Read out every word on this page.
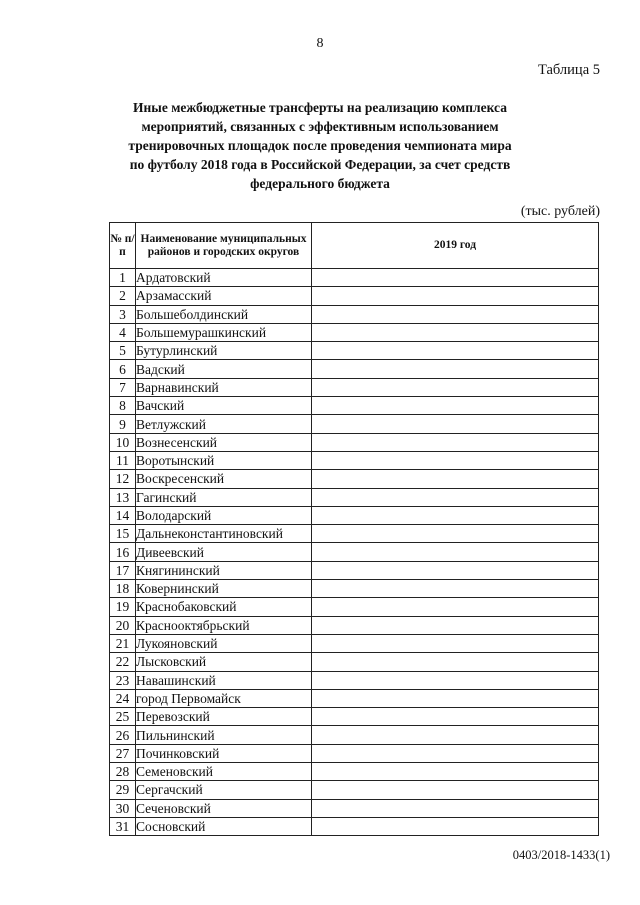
8
Таблица 5
Иные межбюджетные трансферты на реализацию комплекса мероприятий, связанных с эффективным использованием тренировочных площадок после проведения чемпионата мира по футболу 2018 года в Российской Федерации, за счет средств федерального бюджета
(тыс. рублей)
№ п/п	Наименование муниципальных районов и городских округов	2019 год
1	Ардатовский	
2	Арзамасский	
3	Большеболдинский	
4	Большемурашкинский	
5	Бутурлинский	
6	Вадский	
7	Варнавинский	
8	Вачский	
9	Ветлужский	
10	Вознесенский	
11	Воротынский	
12	Воскресенский	
13	Гагинский	
14	Володарский	
15	Дальнеконстантиновский	
16	Дивеевский	
17	Княгининский	
18	Ковернинский	
19	Краснобаковский	
20	Краснооктябрьский	
21	Лукояновский	
22	Лысковский	
23	Навашинский	
24	город Первомайск	
25	Перевозский	
26	Пильнинский	
27	Починковский	
28	Семеновский	
29	Сергачский	
30	Сеченовский	
31	Сосновский	
0403/2018-1433(1)
